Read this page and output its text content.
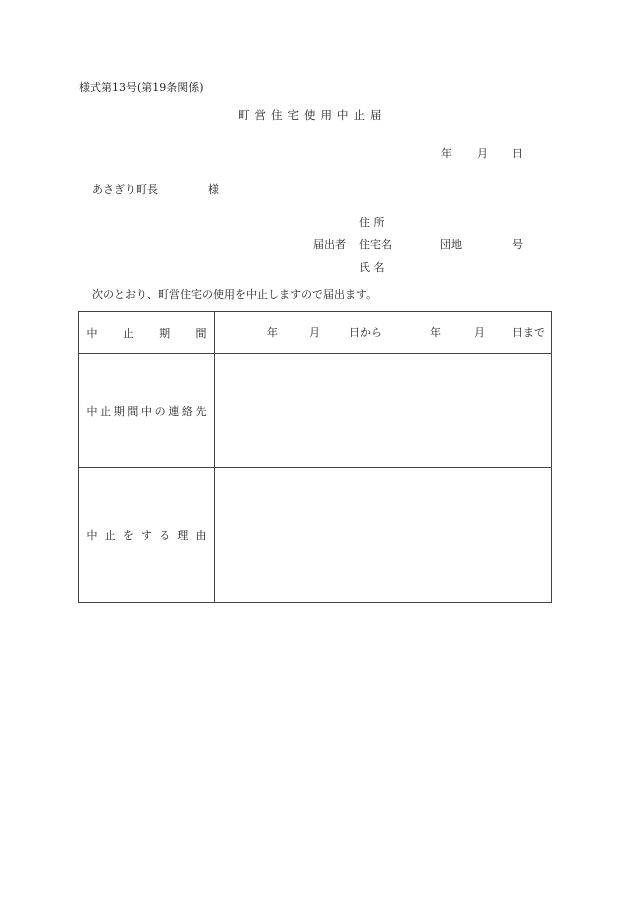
様式第13号(第19条関係)
町営住宅使用中止届
年 月 日
あさぎり町長	様
住 所
届出者 住宅名	団地	号
氏 名
次のとおり、町営住宅の使用を中止しますので届出ます。
中 止 期 間	年	月	日から	年	月 日まで
中 止 期 間 中 の 連 絡 先
中 止 を す る 理 由
